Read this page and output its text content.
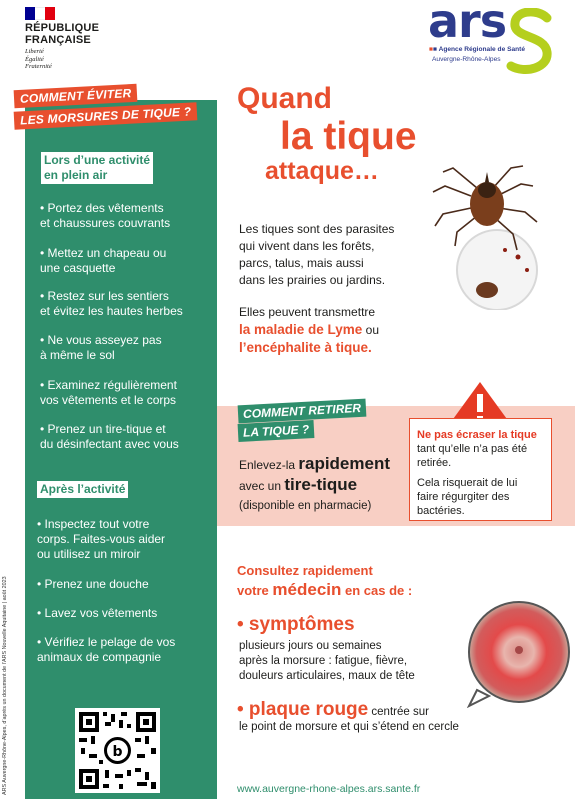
RÉPUBLIQUE
FRANÇAISE
Liberté
Égalité
Fraternité
ars
■■ Agence Régionale de Santé
Auvergne-Rhône-Alpes
COMMENT ÉVITER
LES MORSURES DE TIQUE ?
Lors d’une activité
en plein air
• Portez des vêtements
et chaussures couvrants
• Mettez un chapeau ou
une casquette
• Restez sur les sentiers
et évitez les hautes herbes
• Ne vous asseyez pas
à même le sol
• Examinez régulièrement
vos vêtements et le corps
• Prenez un tire-tique et
du désinfectant avec vous
Après l’activité
• Inspectez tout votre
corps. Faites-vous aider
ou utilisez un miroir
• Prenez une douche
• Lavez vos vêtements
• Vérifiez le pelage de vos
animaux de compagnie
b
ARS Auvergne-Rhône-Alpes, d’après un document de l’ARS Nouvelle Aquitaine | août 2023
Quand
la tique
attaque…
Les tiques sont des parasites
qui vivent dans les forêts,
parcs, talus, mais aussi
dans les prairies ou jardins.
Elles peuvent transmettre
la maladie de Lyme ou
l’encéphalite à tique.
COMMENT RETIRER
LA TIQUE ?
Enlevez-la rapidement
avec un tire-tique
(disponible en pharmacie)
Ne pas écraser la tique
tant qu’elle n’a pas été
retirée.
Cela risquerait de lui
faire régurgiter des
bactéries.
Consultez rapidement
votre médecin en cas de :
• symptômes
plusieurs jours ou semaines
après la morsure : fatigue, fièvre,
douleurs articulaires, maux de tête
• plaque rouge centrée sur
le point de morsure et qui s’étend en cercle
www.auvergne-rhone-alpes.ars.sante.fr
